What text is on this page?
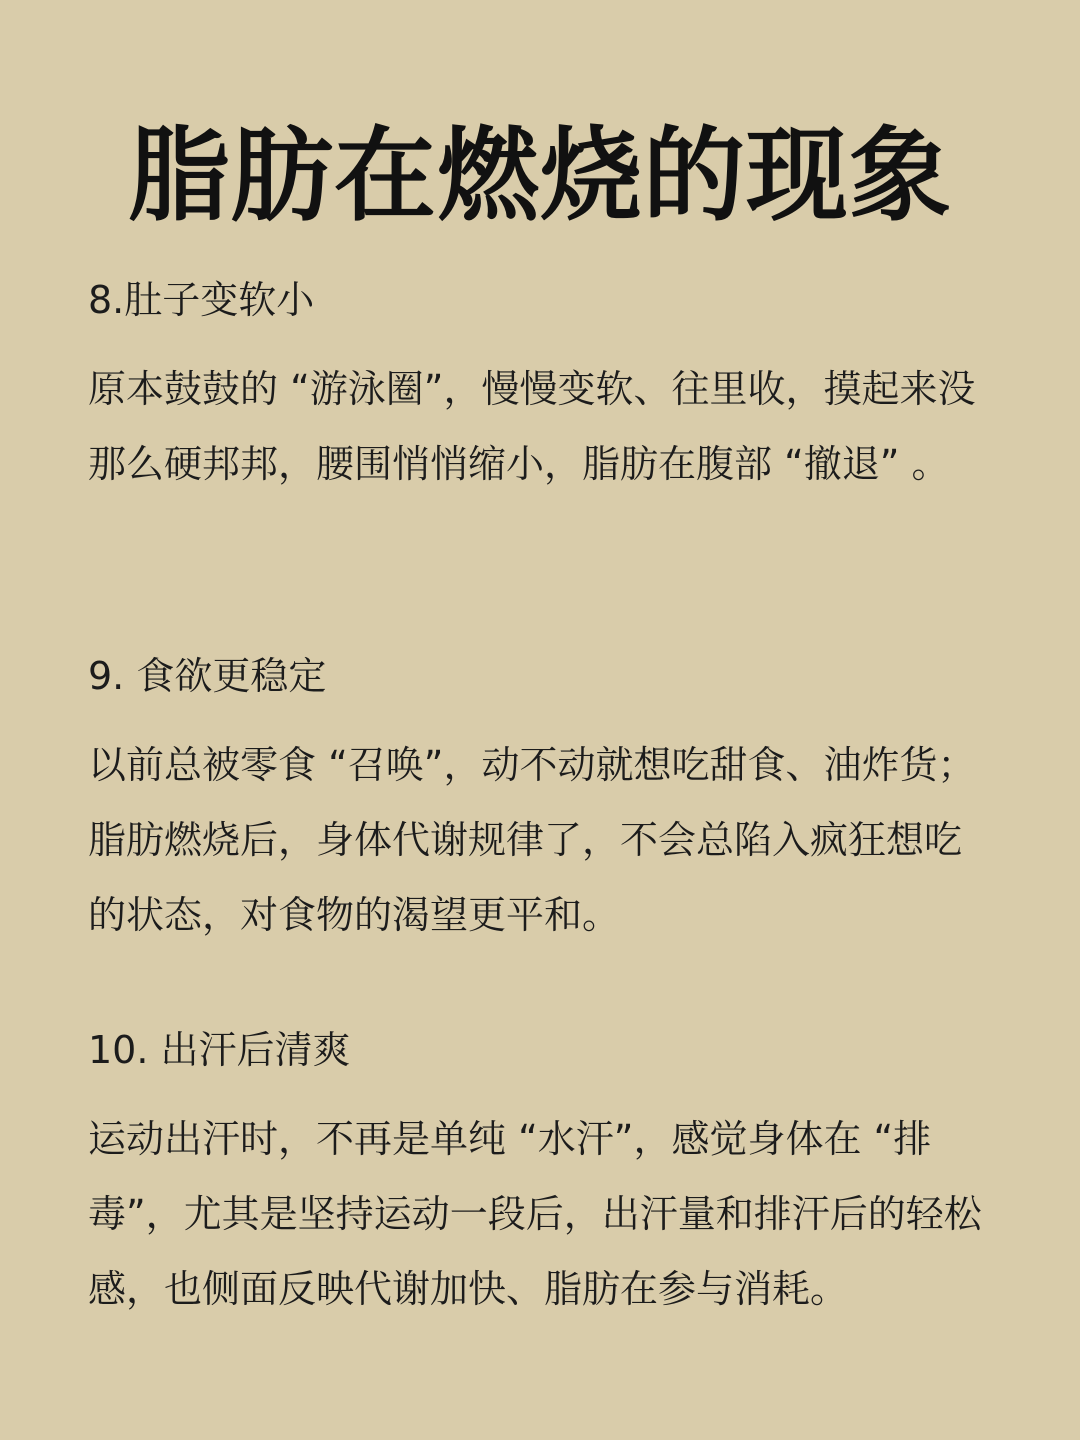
脂肪在燃烧的现象
8.肚子变软小

原本鼓鼓的 “游泳圈”，慢慢变软、往里收，摸起来没那么硬邦邦，腰围悄悄缩小，脂肪在腹部 “撤退” 。

9. 食欲更稳定

以前总被零食 “召唤”，动不动就想吃甜食、油炸货；脂肪燃烧后，身体代谢规律了，不会总陷入疯狂想吃的状态，对食物的渴望更平和。

10. 出汗后清爽

运动出汗时，不再是单纯 “水汗”，感觉身体在 “排毒”，尤其是坚持运动一段后，出汗量和排汗后的轻松感，也侧面反映代谢加快、脂肪在参与消耗。
